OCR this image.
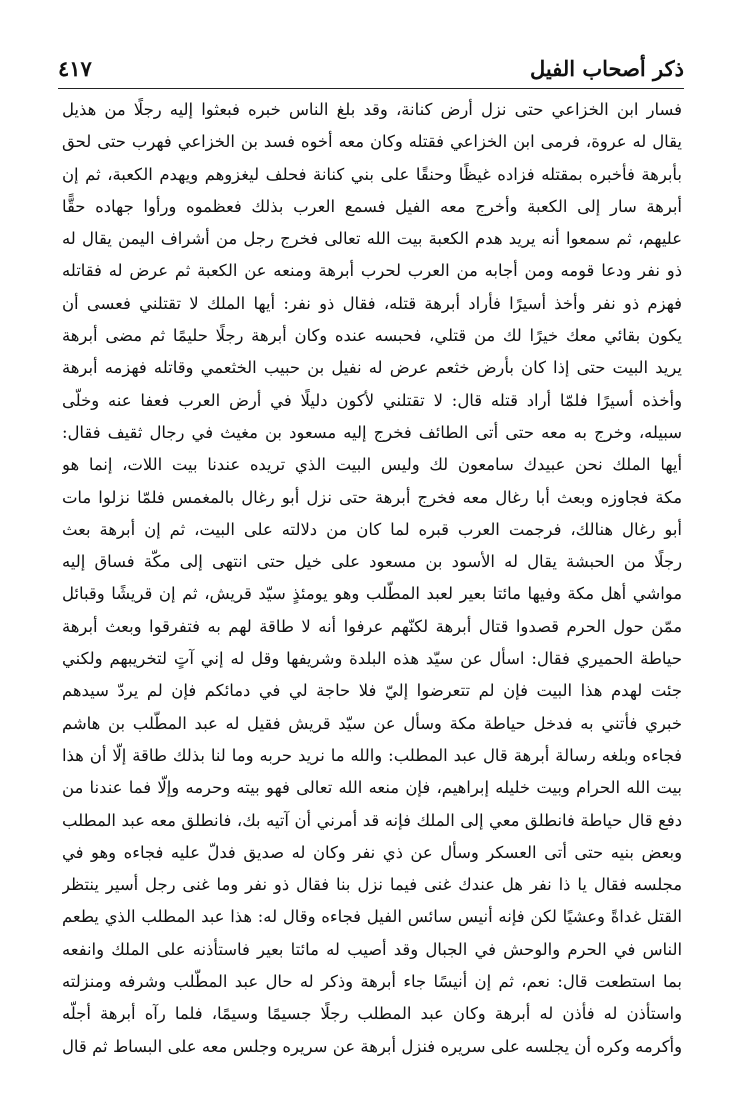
ذكر أصحاب الفيل
٤١٧
فسار ابن الخزاعي حتى نزل أرض كنانة، وقد بلغ الناس خبره فبعثوا إليه رجلًا من هذيل
يقال له عروة، فرمى ابن الخزاعي فقتله وكان معه أخوه فسد بن الخزاعي فهرب حتى لحق
بأبرهة فأخبره بمقتله فزاده غيظًا وحنقًا على بني كنانة فحلف ليغزوهم ويهدم الكعبة، ثم إن
أبرهة سار إلى الكعبة وأخرج معه الفيل فسمع العرب بذلك فعظموه ورأوا جهاده حقًّا
عليهم، ثم سمعوا أنه يريد هدم الكعبة بيت الله تعالى فخرج رجل من أشراف اليمن يقال له
ذو نفر ودعا قومه ومن أجابه من العرب لحرب أبرهة ومنعه عن الكعبة ثم عرض له فقاتله
فهزم ذو نفر وأخذ أسيرًا فأراد أبرهة قتله، فقال ذو نفر: أيها الملك لا تقتلني فعسى أن
يكون بقائي معك خيرًا لك من قتلي، فحبسه عنده وكان أبرهة رجلًا حليمًا ثم مضى أبرهة
يريد البيت حتى إذا كان بأرض خثعم عرض له نفيل بن حبيب الخثعمي وقاتله فهزمه أبرهة
وأخذه أسيرًا فلمّا أراد قتله قال: لا تقتلني لأكون دليلًا في أرض العرب فعفا عنه وخلّى
سبيله، وخرج به معه حتى أتى الطائف فخرج إليه مسعود بن مغيث في رجال ثقيف فقال:
أيها الملك نحن عبيدك سامعون لك وليس البيت الذي تريده عندنا بيت اللات، إنما هو
مكة فجاوزه وبعث أبا رغال معه فخرج أبرهة حتى نزل أبو رغال بالمغمس فلمّا نزلوا مات
أبو رغال هنالك، فرجمت العرب قبره لما كان من دلالته على البيت، ثم إن أبرهة بعث
رجلًا من الحبشة يقال له الأسود بن مسعود على خيل حتى انتهى إلى مكّة فساق إليه
مواشي أهل مكة وفيها مائتا بعير لعبد المطّلب وهو يومئذٍ سيّد قريش، ثم إن قريشًا وقبائل
ممّن حول الحرم قصدوا قتال أبرهة لكنّهم عرفوا أنه لا طاقة لهم به فتفرقوا وبعث أبرهة
حياطة الحميري فقال: اسأل عن سيّد هذه البلدة وشريفها وقل له إني آتٍ لتخريبهم ولكني
جئت لهدم هذا البيت فإن لم تتعرضوا إليّ فلا حاجة لي في دمائكم فإن لم يردّ سيدهم
خبري فأتني به فدخل حياطة مكة وسأل عن سيّد قريش فقيل له عبد المطّلب بن هاشم
فجاءه وبلغه رسالة أبرهة قال عبد المطلب: والله ما نريد حربه وما لنا بذلك طاقة إلّا أن هذا
بيت الله الحرام وبيت خليله إبراهيم، فإن منعه الله تعالى فهو بيته وحرمه وإلّا فما عندنا من
دفع قال حياطة فانطلق معي إلى الملك فإنه قد أمرني أن آتيه بك، فانطلق معه عبد المطلب
وبعض بنيه حتى أتى العسكر وسأل عن ذي نفر وكان له صديق فدلّ عليه فجاءه وهو في
مجلسه فقال يا ذا نفر هل عندك غنى فيما نزل بنا فقال ذو نفر وما غنى رجل أسير ينتظر
القتل غداةً وعشيًا لكن فإنه أنيس سائس الفيل فجاءه وقال له: هذا عبد المطلب الذي يطعم
الناس في الحرم والوحش في الجبال وقد أصيب له مائتا بعير فاستأذنه على الملك وانفعه
بما استطعت قال: نعم، ثم إن أنيسًا جاء أبرهة وذكر له حال عبد المطّلب وشرفه ومنزلته
واستأذن له فأذن له أبرهة وكان عبد المطلب رجلًا جسيمًا وسيمًا، فلما رآه أبرهة أجلّه
وأكرمه وكره أن يجلسه على سريره فنزل أبرهة عن سريره وجلس معه على البساط ثم قال
